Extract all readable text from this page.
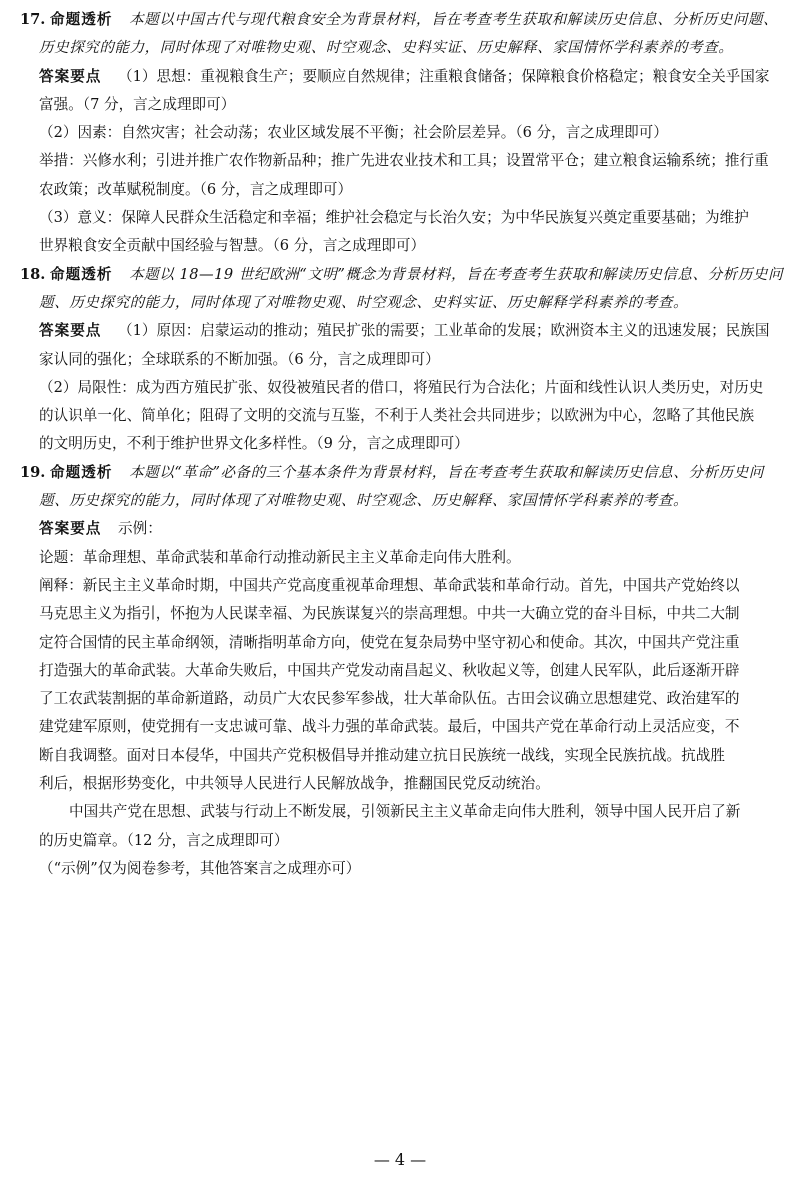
17. 命题透析 本题以中国古代与现代粮食安全为背景材料，旨在考查考生获取和解读历史信息、分析历史问题、
历史探究的能力，同时体现了对唯物史观、时空观念、史料实证、历史解释、家国情怀学科素养的考查。
答案要点 （1）思想：重视粮食生产；要顺应自然规律；注重粮食储备；保障粮食价格稳定；粮食安全关乎国家
富强。（7 分，言之成理即可）
（2）因素：自然灾害；社会动荡；农业区域发展不平衡；社会阶层差异。（6 分，言之成理即可）
举措：兴修水利；引进并推广农作物新品种；推广先进农业技术和工具；设置常平仓；建立粮食运输系统；推行重
农政策；改革赋税制度。（6 分，言之成理即可）
（3）意义：保障人民群众生活稳定和幸福；维护社会稳定与长治久安；为中华民族复兴奠定重要基础；为维护
世界粮食安全贡献中国经验与智慧。（6 分，言之成理即可）
18. 命题透析 本题以 18—19 世纪欧洲“文明”概念为背景材料，旨在考查考生获取和解读历史信息、分析历史问
题、历史探究的能力，同时体现了对唯物史观、时空观念、史料实证、历史解释学科素养的考查。
答案要点 （1）原因：启蒙运动的推动；殖民扩张的需要；工业革命的发展；欧洲资本主义的迅速发展；民族国
家认同的强化；全球联系的不断加强。（6 分，言之成理即可）
（2）局限性：成为西方殖民扩张、奴役被殖民者的借口，将殖民行为合法化；片面和线性认识人类历史，对历史
的认识单一化、简单化；阻碍了文明的交流与互鉴，不利于人类社会共同进步；以欧洲为中心，忽略了其他民族
的文明历史，不利于维护世界文化多样性。（9 分，言之成理即可）
19. 命题透析 本题以“革命”必备的三个基本条件为背景材料，旨在考查考生获取和解读历史信息、分析历史问
题、历史探究的能力，同时体现了对唯物史观、时空观念、历史解释、家国情怀学科素养的考查。
答案要点 示例：
论题：革命理想、革命武装和革命行动推动新民主主义革命走向伟大胜利。
阐释：新民主主义革命时期，中国共产党高度重视革命理想、革命武装和革命行动。首先，中国共产党始终以
马克思主义为指引，怀抱为人民谋幸福、为民族谋复兴的崇高理想。中共一大确立党的奋斗目标，中共二大制
定符合国情的民主革命纲领，清晰指明革命方向，使党在复杂局势中坚守初心和使命。其次，中国共产党注重
打造强大的革命武装。大革命失败后，中国共产党发动南昌起义、秋收起义等，创建人民军队，此后逐渐开辟
了工农武装割据的革命新道路，动员广大农民参军参战，壮大革命队伍。古田会议确立思想建党、政治建军的
建党建军原则，使党拥有一支忠诚可靠、战斗力强的革命武装。最后，中国共产党在革命行动上灵活应变，不
断自我调整。面对日本侵华，中国共产党积极倡导并推动建立抗日民族统一战线，实现全民族抗战。抗战胜
利后，根据形势变化，中共领导人民进行人民解放战争，推翻国民党反动统治。
中国共产党在思想、武装与行动上不断发展，引领新民主主义革命走向伟大胜利，领导中国人民开启了新
的历史篇章。（12 分，言之成理即可）
（“示例”仅为阅卷参考，其他答案言之成理亦可）
— 4 —
